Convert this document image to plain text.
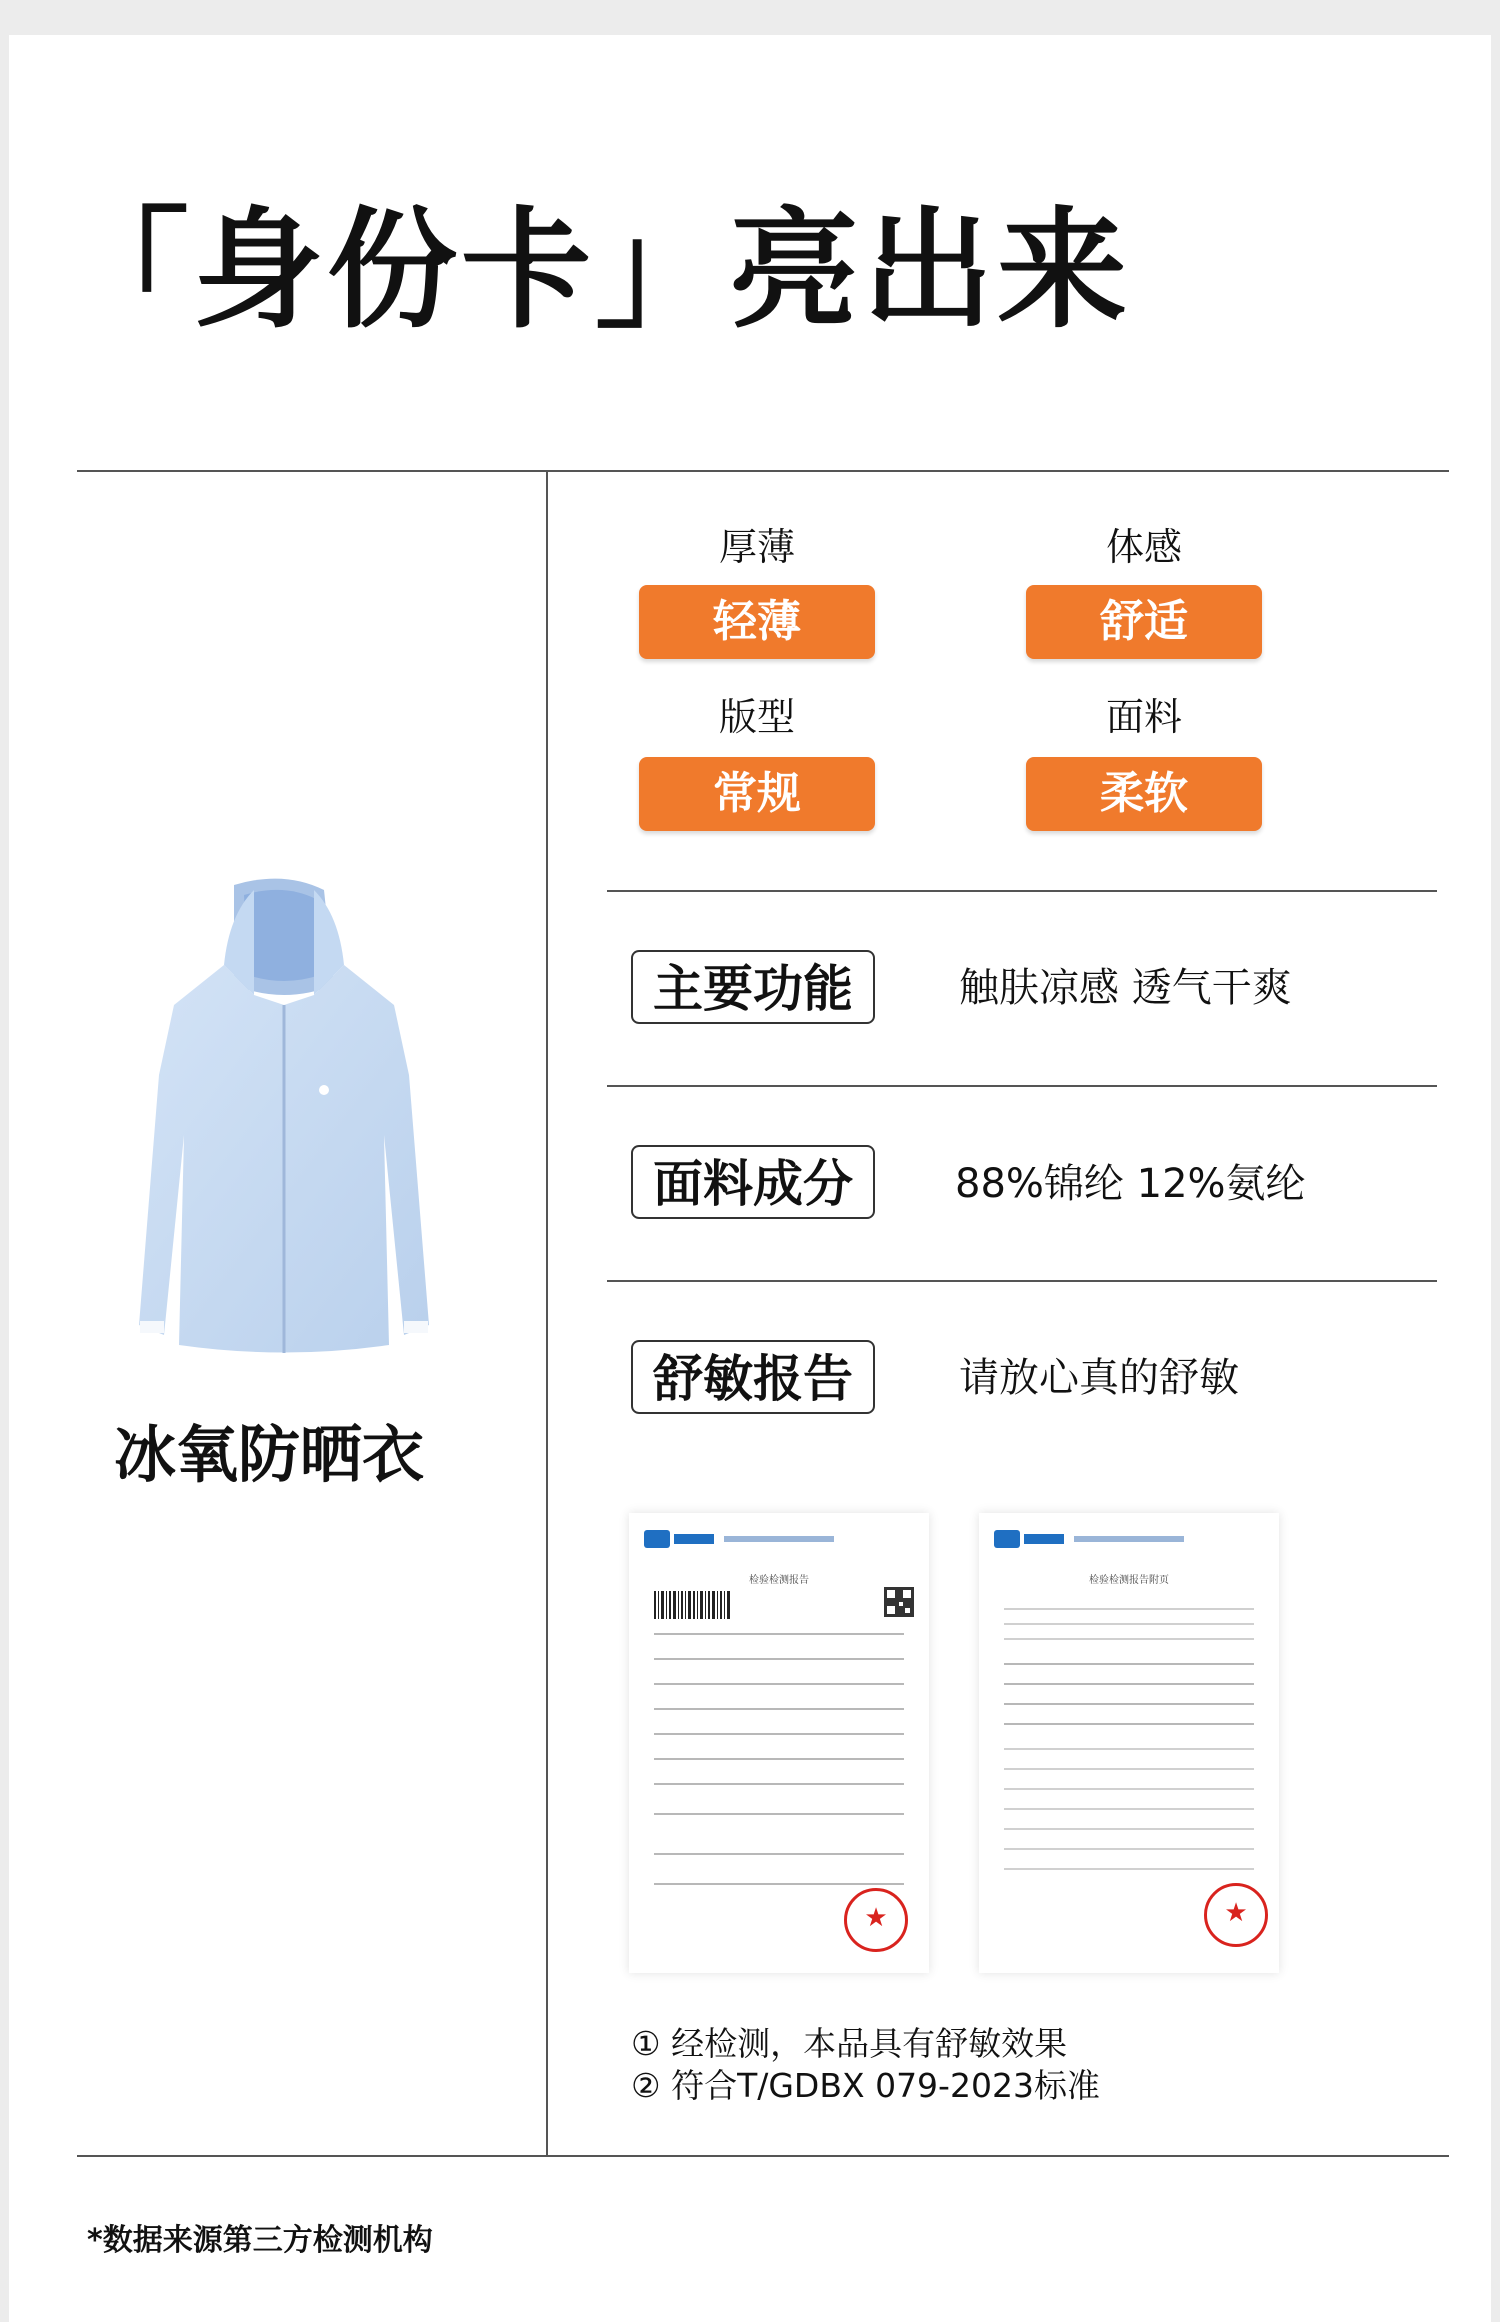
「身份卡」亮出来
厚薄
轻薄
体感
舒适
版型
常规
面料
柔软
主要功能	触肤凉感 透气干爽
面料成分	88%锦纶 12%氨纶
舒敏报告	请放心真的舒敏
冰氧防晒衣
检验检测报告
★	检验检测报告附页
★
① 经检测，本品具有舒敏效果
② 符合T/GDBX 079-2023标准
*数据来源第三方检测机构
